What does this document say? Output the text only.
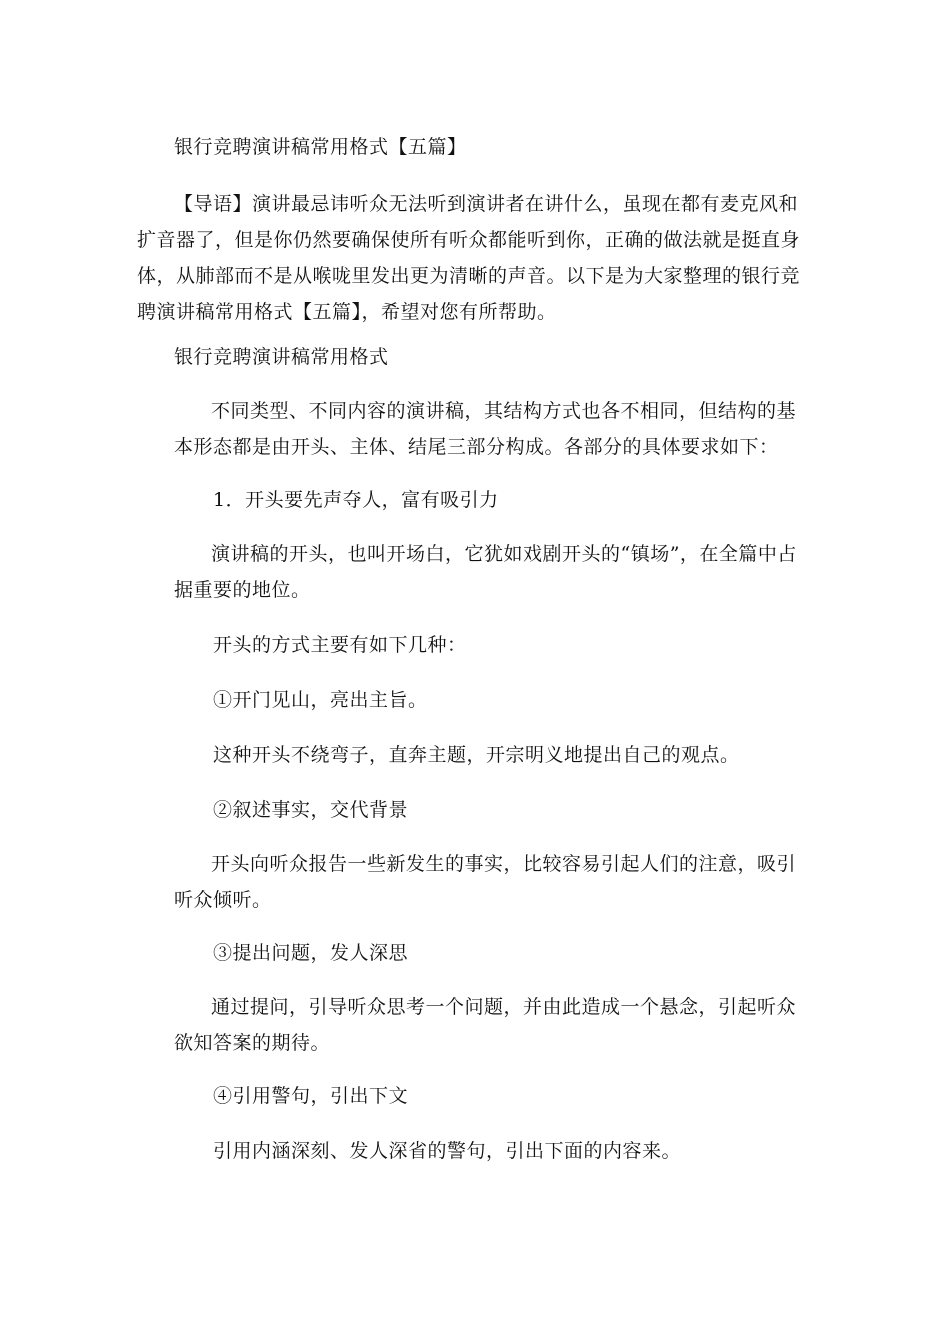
银行竞聘演讲稿常用格式【五篇】
【导语】演讲最忌讳听众无法听到演讲者在讲什么，虽现在都有麦克风和扩音器了，但是你仍然要确保使所有听众都能听到你，正确的做法就是挺直身体，从肺部而不是从喉咙里发出更为清晰的声音。以下是为大家整理的银行竞聘演讲稿常用格式【五篇】，希望对您有所帮助。
银行竞聘演讲稿常用格式
不同类型、不同内容的演讲稿，其结构方式也各不相同，但结构的基本形态都是由开头、主体、结尾三部分构成。各部分的具体要求如下：
1．开头要先声夺人，富有吸引力
演讲稿的开头，也叫开场白，它犹如戏剧开头的“镇场”，在全篇中占据重要的地位。
开头的方式主要有如下几种：
①开门见山，亮出主旨。
这种开头不绕弯子，直奔主题，开宗明义地提出自己的观点。
②叙述事实，交代背景
开头向听众报告一些新发生的事实，比较容易引起人们的注意，吸引听众倾听。
③提出问题，发人深思
通过提问，引导听众思考一个问题，并由此造成一个悬念，引起听众欲知答案的期待。
④引用警句，引出下文
引用内涵深刻、发人深省的警句，引出下面的内容来。
